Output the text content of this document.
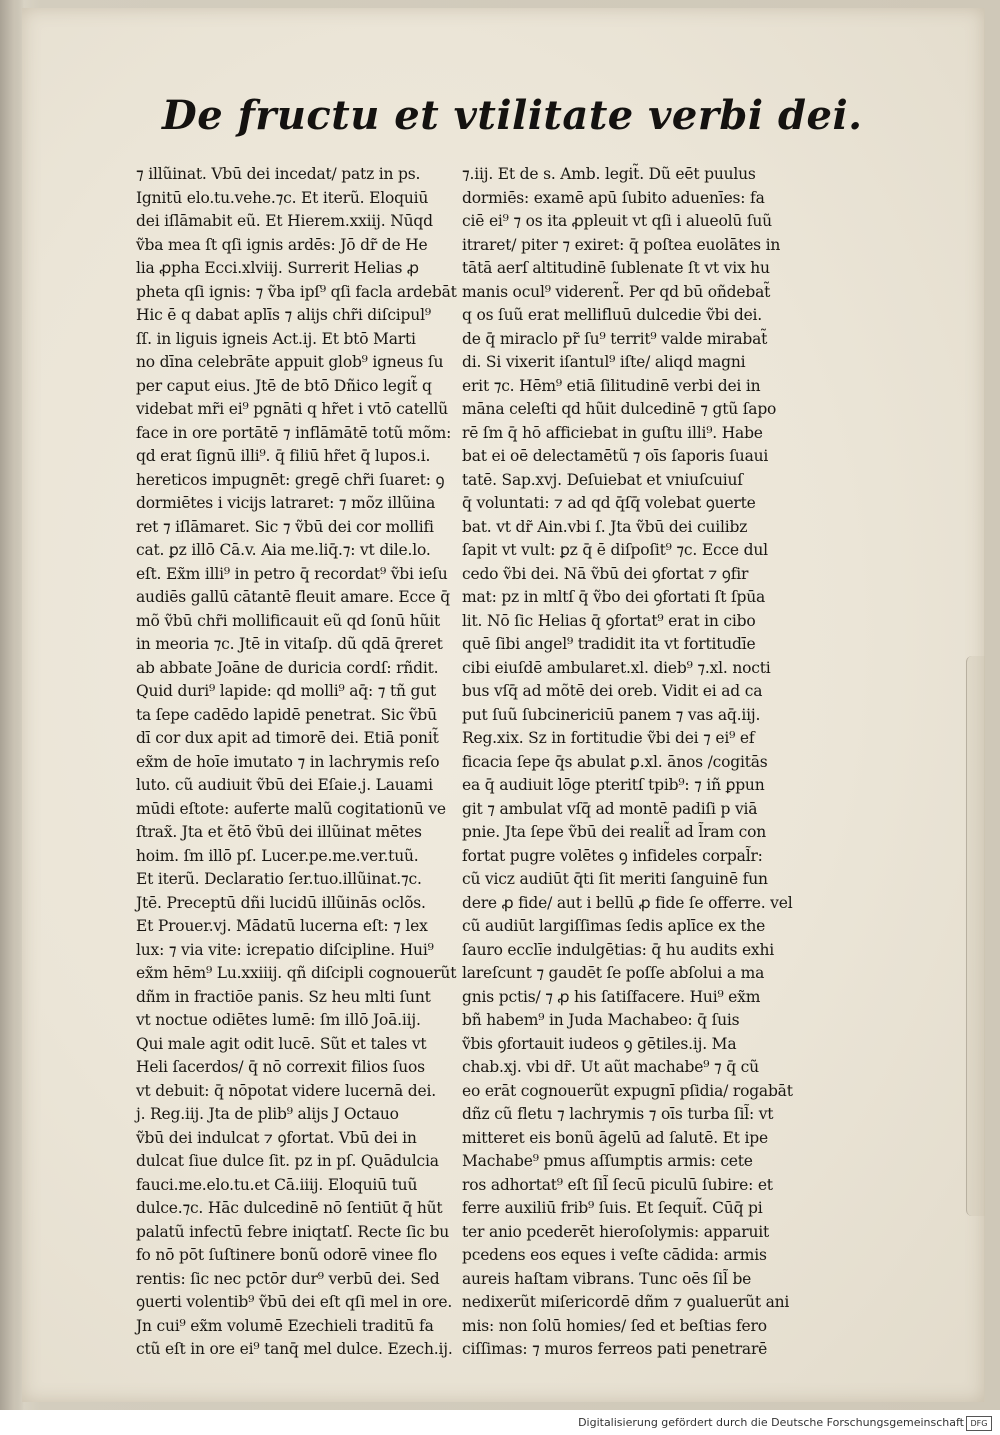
De fructu et vtilitate verbi dei.
⁊ illũinat. Vbū dei incedat/ patz in ps.
Ignitū elo.tu.vehe.⁊c. Et iterũ. Eloquiū
dei iſlāmabit eũ. Et Hierem.xxiij. Nūqd
ṽba mea ſt qſi ignis ardēs: Jō dr̃ de He
lia ꝓpha Ecci.xlviij. Surrerit Helias ꝓ
pheta qſi ignis: ⁊ ṽba ipſ⁹ qſi facla ardebāt
Hic ē q dabat aplīs ⁊ alijs chr̃i diſcipul⁹
ſſ. in liguis igneis Act.ij. Et btō Marti
no dīna celebrāte appuit glob⁹ igneus ſu
per caput eius. Jtē de btō Dñico legit̃ q
videbat mr̃i ei⁹ pgnāti q hr̃et i vtō catellũ
face in ore portātē ⁊ inflāmātē totũ mõm:
qd erat ſignū illi⁹. q̄ filiū hr̃et q̄ lupos.i.
hereticos impugnēt: gregē chr̃i ſuaret: ꝯ
dormiētes i vicijs latraret: ⁊ mõz illũina
ret ⁊ iſlāmaret. Sic ⁊ ṽbū dei cor mollifi
cat. ꝑz illō Cā.v. Aia me.liq̄.⁊: vt dile.lo.
eſt. Ex̃m illi⁹ in petro q̄ recordat⁹ ṽbi ieſu
audiēs gallū cātantē fleuit amare. Ecce q̄
mõ ṽbū chr̃i mollificauit eũ qd ſonū hũit
in meoria ⁊c. Jtē in vitaſp. dũ qdā q̄reret
ab abbate Joāne de duricia cordſ: rñdit.
Quid duri⁹ lapide: qd molli⁹ aq̄: ⁊ tñ gut
ta ſepe cadēdo lapidē penetrat. Sic ṽbū
dī cor dux apit ad timorē dei. Etiā ponit̃
ex̃m de hoīe imutato ⁊ in lachrymis reſo
luto. cũ audiuit ṽbū dei Eſaie.j. Lauami
mūdi eſtote: auferte malũ cogitationū ve
ſtrax̃. Jta et ẽtō ṽbū dei illũinat mētes
hoim. ſm illō pſ. Lucer.pe.me.ver.tuũ.
Et iterũ. Declaratio ſer.tuo.illũinat.⁊c.
Jtē. Preceptū dñi lucidū illũinās oclõs.
Et Prouer.vj. Mādatū lucerna eſt: ⁊ lex
lux: ⁊ via vite: icrepatio diſcipline. Hui⁹
ex̃m hēm⁹ Lu.xxiiij. qñ diſcipli cognouerũt
dñm in fractiōe panis. Sz heu mlti ſunt
vt noctue odiētes lumē: ſm illō Joā.iij.
Qui male agit odit lucē. Sũt et tales vt
Heli ſacerdos/ q̄ nō correxit filios ſuos
vt debuit: q̄ nōpotat videre lucernā dei.
j. Reg.iij. Jta de plib⁹ alijs J Octauo
ṽbū dei indulcat ⁊ ꝯfortat. Vbū dei in
dulcat ſiue dulce ſit. pz in pſ. Quādulcia
fauci.me.elo.tu.et Cā.iiij. Eloquiū tuũ
dulce.⁊c. Hāc dulcedinē nō ſentiūt q̄ hũt
palatũ infectū febre iniqtatſ. Recte ſic bu
fo nō pōt ſuſtinere bonũ odorē vinee flo
rentis: ſic nec pctōr dur⁹ verbū dei. Sed
ꝯuerti volentib⁹ ṽbū dei eſt qſi mel in ore.
Jn cui⁹ ex̃m volumē Ezechieli traditū fa
ctũ eſt in ore ei⁹ tanq̄ mel dulce. Ezech.ij.
⁊.iij. Et de s. Amb. legit̃. Dũ eēt puulus
dormiēs: examē apū ſubito aduenīes: fa
ciē ei⁹ ⁊ os ita ꝓpleuit vt qſi i alueolū ſuũ
itraret/ piter ⁊ exiret: q̄ poſtea euolātes in
tātā aerſ altitudinē ſublenate ſt vt vix hu
manis ocul⁹ viderent̃. Per qd bū oñdebat̃
q os ſuũ erat mellifluū dulcedie ṽbi dei.
de q̄ miraclo pr̃ ſu⁹ territ⁹ valde mirabat̃
di. Si vixerit iſantul⁹ iſte/ aliqd magni
erit ⁊c. Hēm⁹ etiā ſilitudinē verbi dei in
māna celeſti qd hũit dulcedinē ⁊ gtũ ſapo
rē ſm q̄ hō afficiebat in guſtu illi⁹. Habe
bat ei oē delectamētũ ⁊ oīs ſaporis ſuaui
tatē. Sap.xvj. Deſuiebat et vniuſcuiuſ
q̄ voluntati: ⁊ ad qd q̄ſq̄ volebat ꝯuerte
bat. vt dr̃ Ain.vbi ſ. Jta ṽbū dei cuilibz
ſapit vt vult: ꝑz q̄ ē diſpoſit⁹ ⁊c. Ecce dul
cedo ṽbi dei. Nā ṽbū dei ꝯfortat ⁊ ꝯfir
mat: pz in mltſ q̄ ṽbo dei ꝯfortati ſt ſpūa
lit. Nō ſic Helias q̄ ꝯfortat⁹ erat in cibo
quē ſibi angel⁹ tradidit ita vt fortitudīe
cibi eiuſdē ambularet.xl. dieb⁹ ⁊.xl. nocti
bus vſq̄ ad mõtē dei oreb. Vidit ei ad ca
put ſuũ ſubcinericiū panem ⁊ vas aq̄.iij.
Reg.xix. Sz in fortitudie ṽbi dei ⁊ ei⁹ ef
ficacia ſepe q̄s abulat ꝑ.xl. ānos /cogitās
ea q̄ audiuit lōge pteritſ tpib⁹: ⁊ iñ ꝑpun
git ⁊ ambulat vſq̄ ad montē padiſi p viā
pnie. Jta ſepe ṽbū dei realit̃ ad l̃ram con
fortat pugre volētes ꝯ infideles corpal̃r:
cũ vicz audiūt q̄ti ſit meriti ſanguinē fun
dere ꝓ fide/ aut i bellū ꝓ fide ſe offerre. vel
cũ audiūt largiſſimas ſedis aplīce ex the
ſauro ecclīe indulgētias: q̄ hu audits exhi
lareſcunt ⁊ gaudēt ſe poſſe abſolui a ma
gnis pctis/ ⁊ ꝓ his ſatiſfacere. Hui⁹ ex̃m
bñ habem⁹ in Juda Machabeo: q̄ ſuis
ṽbis ꝯfortauit iudeos ꝯ gētiles.ij. Ma
chab.xj. vbi dr̃. Ut aũt machabe⁹ ⁊ q̄ cũ
eo erāt cognouerũt expugnī pſidia/ rogabāt
dñz cũ fletu ⁊ lachrymis ⁊ oīs turba ſil̃: vt
mitteret eis bonũ āgelū ad ſalutē. Et ipe
Machabe⁹ pmus aſſumptis armis: cete
ros adhortat⁹ eſt ſil̃ ſecū piculū ſubire: et
ferre auxiliū frib⁹ ſuis. Et ſequit̃. Cūq̄ pi
ter anio pcederēt hieroſolymis: apparuit
pcedens eos eques i veſte cādida: armis
aureis haſtam vibrans. Tunc oēs ſil̃ be
nedixerũt miſericordē dñm ⁊ ꝯualuerũt ani
mis: non ſolū homies/ ſed et beſtias fero
ciſſimas: ⁊ muros ferreos pati penetrarē
Digitalisierung gefördert durch die Deutsche Forschungsgemeinschaft DFG
